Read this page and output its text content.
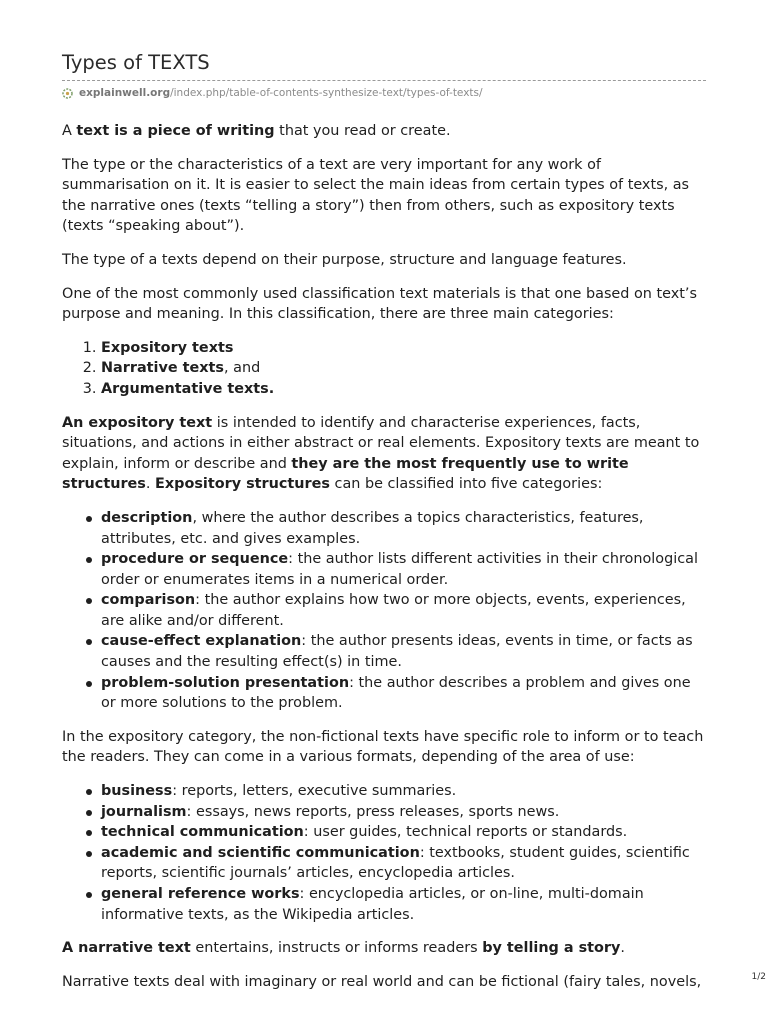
Types of TEXTS
explainwell.org /index.php/table-of-contents-synthesize-text/types-of-texts/

A text is a piece of writing that you read or create.

The type or the characteristics of a text are very important for any work of summarisation on it. It is easier to select the main ideas from certain types of texts, as the narrative ones (texts “telling a story”) then from others, such as expository texts (texts “speaking about”).

The type of a texts depend on their purpose, structure and language features.

One of the most commonly used classification text materials is that one based on text’s purpose and meaning. In this classification, there are three main categories:

1. Expository texts
2. Narrative texts, and
3. Argumentative texts.

An expository text is intended to identify and characterise experiences, facts, situations, and actions in either abstract or real elements. Expository texts are meant to explain, inform or describe and they are the most frequently use to write structures. Expository structures can be classified into five categories:

description, where the author describes a topics characteristics, features, attributes, etc. and gives examples.
procedure or sequence: the author lists different activities in their chronological order or enumerates items in a numerical order.
comparison: the author explains how two or more objects, events, experiences, are alike and/or different.
cause-effect explanation: the author presents ideas, events in time, or facts as causes and the resulting effect(s) in time.
problem-solution presentation: the author describes a problem and gives one or more solutions to the problem.

In the expository category, the non-fictional texts have specific role to inform or to teach the readers. They can come in a various formats, depending of the area of use:

business: reports, letters, executive summaries.
journalism: essays, news reports, press releases, sports news.
technical communication: user guides, technical reports or standards.
academic and scientific communication: textbooks, student guides, scientific reports, scientific journals’ articles, encyclopedia articles.
general reference works: encyclopedia articles, or on-line, multi-domain informative texts, as the Wikipedia articles.

A narrative text entertains, instructs or informs readers by telling a story.

Narrative texts deal with imaginary or real world and can be fictional (fairy tales, novels,	1/2
